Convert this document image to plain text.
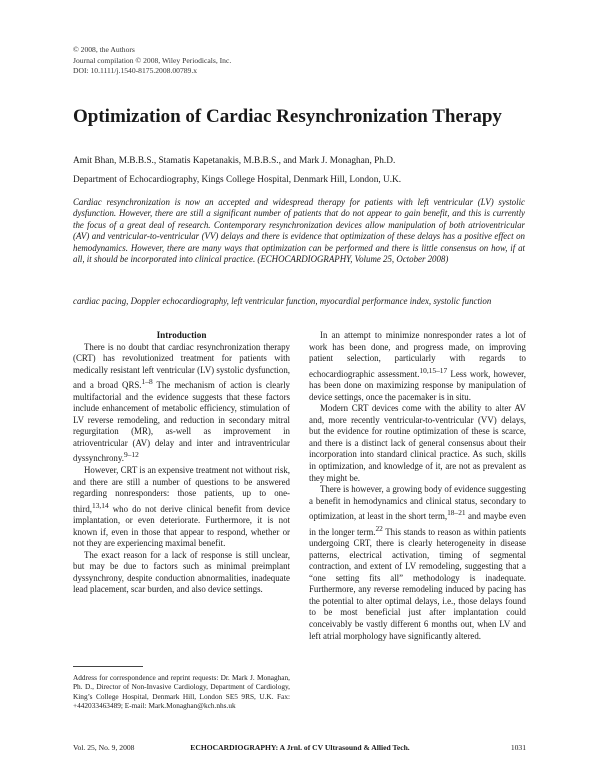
© 2008, the Authors
Journal compilation © 2008, Wiley Periodicals, Inc.
DOI: 10.1111/j.1540-8175.2008.00789.x
Optimization of Cardiac Resynchronization Therapy
Amit Bhan, M.B.B.S., Stamatis Kapetanakis, M.B.B.S., and Mark J. Monaghan, Ph.D.
Department of Echocardiography, Kings College Hospital, Denmark Hill, London, U.K.
Cardiac resynchronization is now an accepted and widespread therapy for patients with left ventricular (LV) systolic dysfunction. However, there are still a significant number of patients that do not appear to gain benefit, and this is currently the focus of a great deal of research. Contemporary resynchronization devices allow manipulation of both atrioventricular (AV) and ventricular-to-ventricular (VV) delays and there is evidence that optimization of these delays has a positive effect on hemodynamics. However, there are many ways that optimization can be performed and there is little consensus on how, if at all, it should be incorporated into clinical practice. (ECHOCARDIOGRAPHY, Volume 25, October 2008)
cardiac pacing, Doppler echocardiography, left ventricular function, myocardial performance index, systolic function

Introduction

There is no doubt that cardiac resynchronization therapy (CRT) has revolutionized treatment for patients with medically resistant left ventricular (LV) systolic dysfunction, and a broad QRS.$^{1-8}$ The mechanism of action is clearly multifactorial and the evidence suggests that these factors include enhancement of metabolic efficiency, stimulation of LV reverse remodeling, and reduction in secondary mitral regurgitation (MR), as-well as improvement in atrioventricular (AV) delay and inter and intraventricular dyssynchrony.$^{9-12}$

However, CRT is an expensive treatment not without risk, and there are still a number of questions to be answered regarding nonresponders: those patients, up to one-third,$^{13,14}$ who do not derive clinical benefit from device implantation, or even deteriorate. Furthermore, it is not known if, even in those that appear to respond, whether or not they are experiencing maximal benefit.

The exact reason for a lack of response is still unclear, but may be due to factors such as minimal preimplant dyssynchrony, despite conduction abnormalities, inadequate lead placement, scar burden, and also device settings.

In an attempt to minimize nonresponder rates a lot of work has been done, and progress made, on improving patient selection, particularly with regards to echocardiographic assessment.$^{10,15-17}$ Less work, however, has been done on maximizing response by manipulation of device settings, once the pacemaker is in situ.

Modern CRT devices come with the ability to alter AV and, more recently ventricular-to-ventricular (VV) delays, but the evidence for routine optimization of these is scarce, and there is a distinct lack of general consensus about their incorporation into standard clinical practice. As such, skills in optimization, and knowledge of it, are not as prevalent as they might be.

There is however, a growing body of evidence suggesting a benefit in hemodynamics and clinical status, secondary to optimization, at least in the short term,$^{18-21}$ and maybe even in the longer term.$^{22}$ This stands to reason as within patients undergoing CRT, there is clearly heterogeneity in disease patterns, electrical activation, timing of segmental contraction, and extent of LV remodeling, suggesting that a “one setting fits all” methodology is inadequate. Furthermore, any reverse remodeling induced by pacing has the potential to alter optimal delays, i.e., those delays found to be most beneficial just after implantation could conceivably be vastly different 6 months out, when LV and left atrial morphology have significantly altered.

Address for correspondence and reprint requests: Dr. Mark J. Monaghan, Ph. D., Director of Non-Invasive Cardiology, Department of Cardiology, King’s College Hospital, Denmark Hill, London SE5 9RS, U.K. Fax: +442033463489; E-mail: Mark.Monaghan@kch.nhs.uk
Vol. 25, No. 9, 2008	ECHOCARDIOGRAPHY: A Jrnl. of CV Ultrasound & Allied Tech.	1031
